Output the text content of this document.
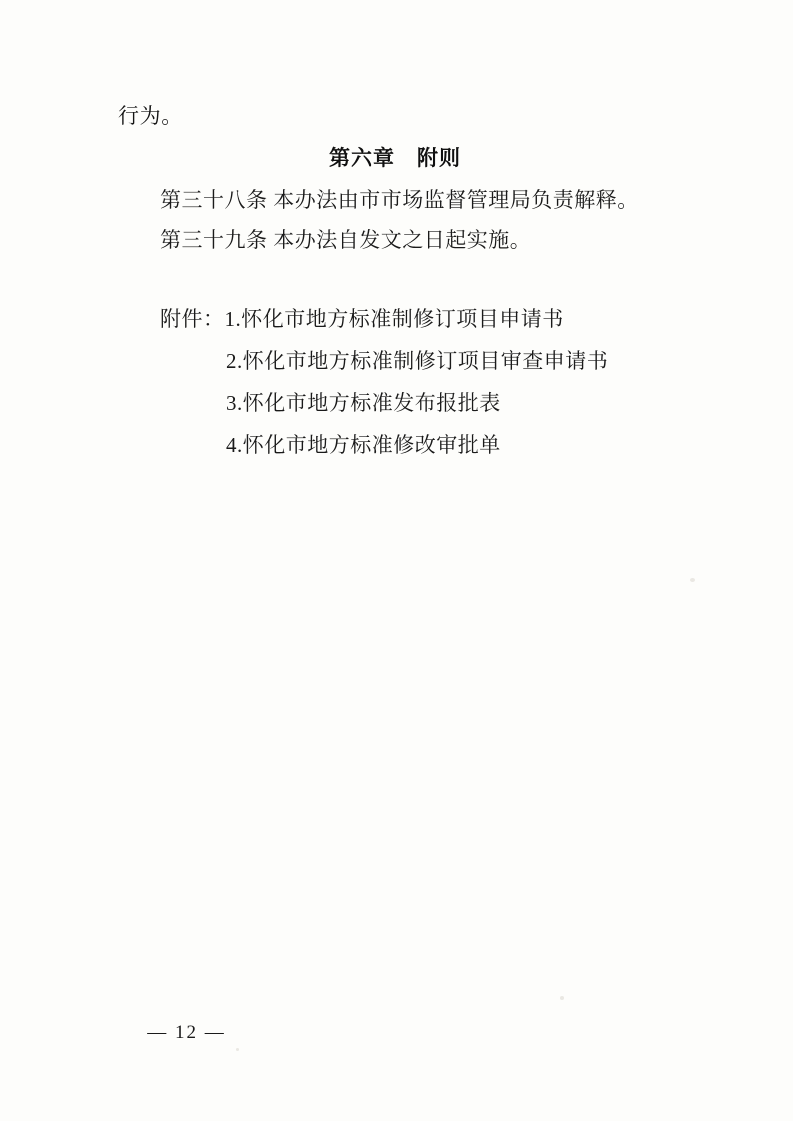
行为。
第六章　附则
第三十八条 本办法由市市场监督管理局负责解释。
第三十九条 本办法自发文之日起实施。
附件：1.怀化市地方标准制修订项目申请书
2.怀化市地方标准制修订项目审查申请书
3.怀化市地方标准发布报批表
4.怀化市地方标准修改审批单
— 12 —
